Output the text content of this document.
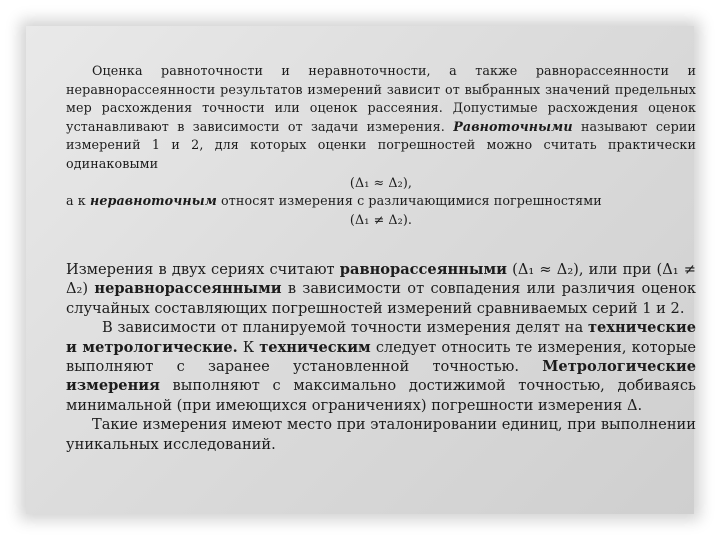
Оценка равноточности и неравноточности, а также равнорассеянности и неравнорассеянности результатов измерений зависит от выбранных значений предельных мер расхождения точности или оценок рассеяния. Допустимые расхождения оценок устанавливают в зависимости от задачи измерения. Равноточными называют серии измерений 1 и 2, для которых оценки погрешностей можно считать практически одинаковыми

(Δ₁ ≈ Δ₂),

а к неравноточным относят измерения с различающимися погрешностями

(Δ₁ ≠ Δ₂).

Измерения в двух сериях считают равнорассеянными (Δ₁ ≈ Δ₂), или при (Δ₁ ≠ Δ₂) неравнорассеянными в зависимости от совпадения или различия оценок случайных составляющих погрешностей измерений сравниваемых серий 1 и 2.

В зависимости от планируемой точности измерения делят на технические и метрологические. К техническим следует относить те измерения, которые выполняют с заранее установленной точностью. Метрологические измерения выполняют с максимально достижимой точностью, добиваясь минимальной (при имеющихся ограничениях) погрешности измерения Δ.

Такие измерения имеют место при эталонировании единиц, при выполнении уникальных исследований.
